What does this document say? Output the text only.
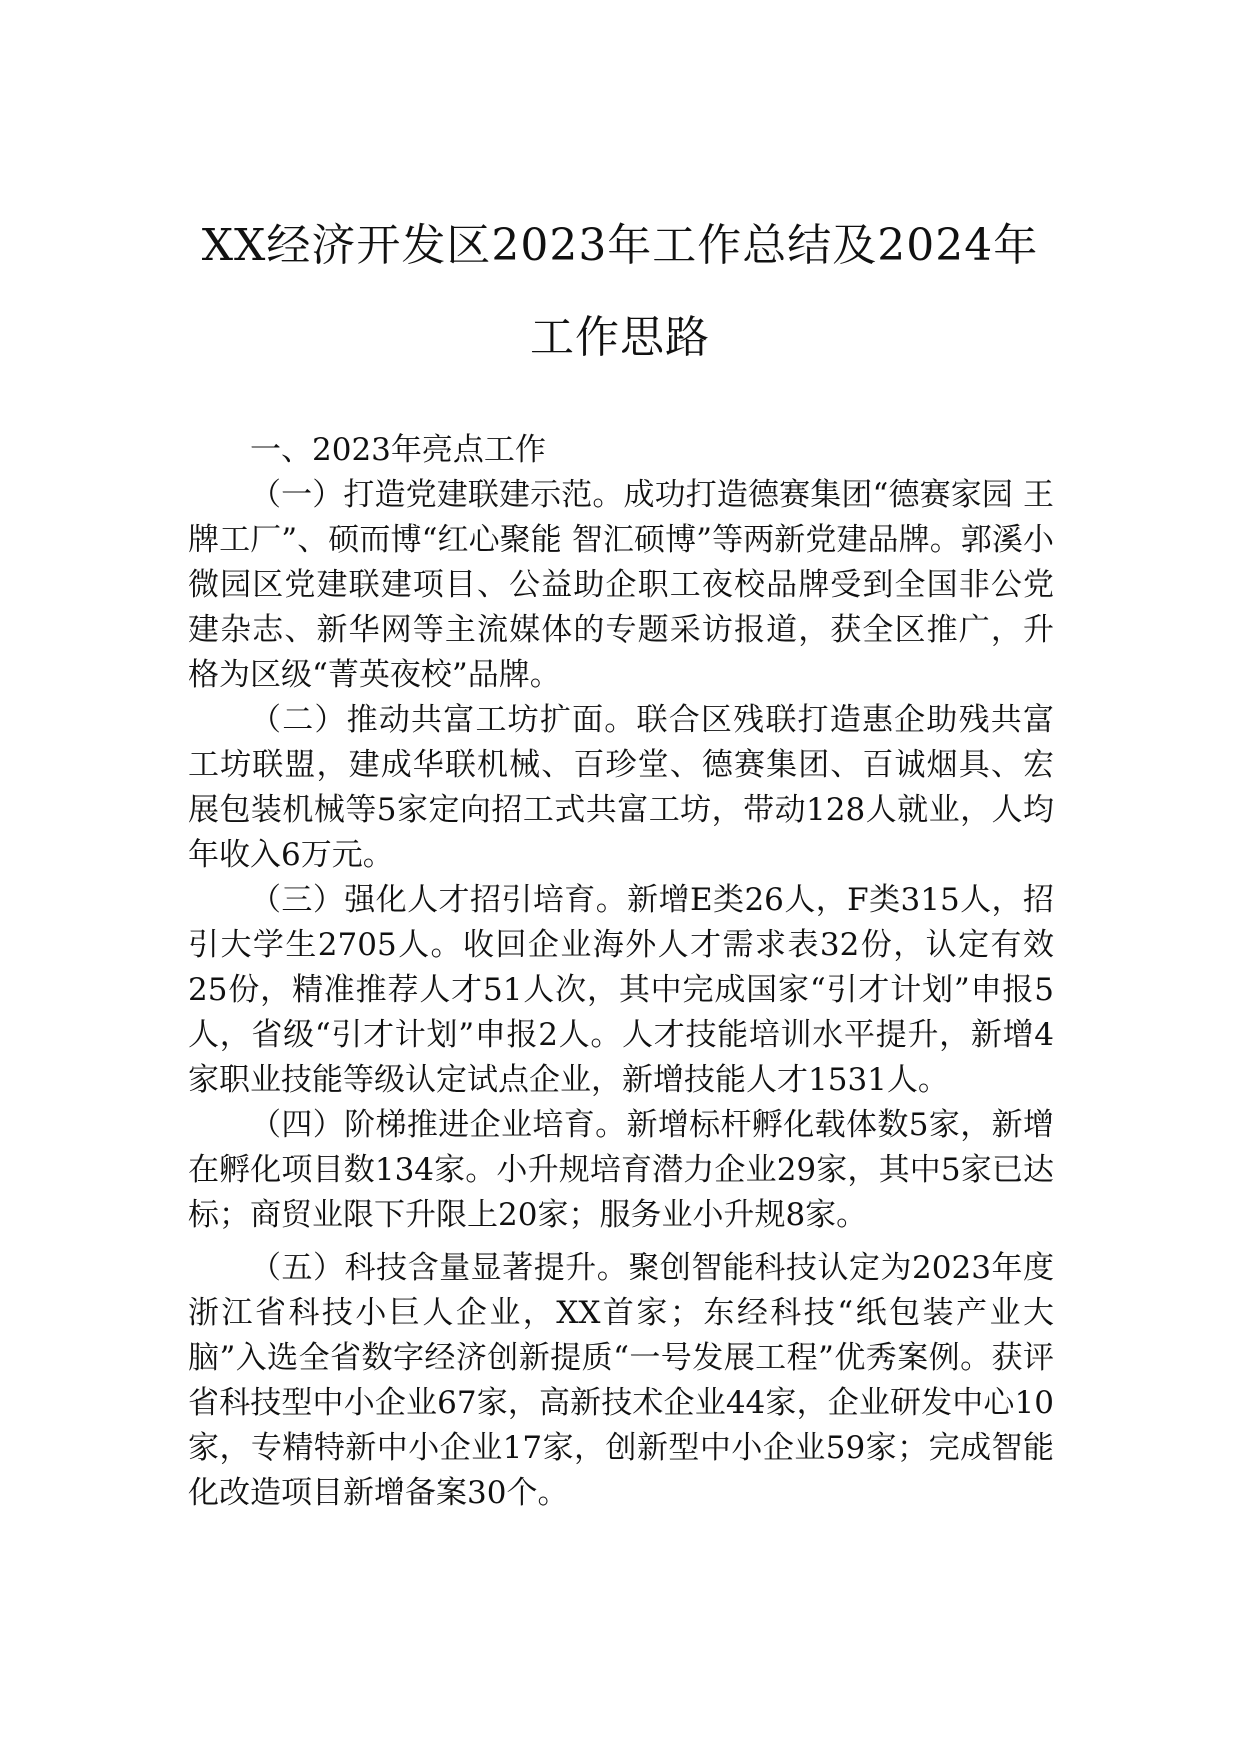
XX经济开发区2023年工作总结及2024年
工作思路

一、2023年亮点工作

（一）打造党建联建示范。成功打造德赛集团“德赛家园 王牌工厂”、硕而博“红心聚能 智汇硕博”等两新党建品牌。郭溪小微园区党建联建项目、公益助企职工夜校品牌受到全国非公党建杂志、新华网等主流媒体的专题采访报道，获全区推广，升格为区级“菁英夜校”品牌。

（二）推动共富工坊扩面。联合区残联打造惠企助残共富工坊联盟，建成华联机械、百珍堂、德赛集团、百诚烟具、宏展包装机械等5家定向招工式共富工坊，带动128人就业，人均年收入6万元。

（三）强化人才招引培育。新增E类26人，F类315人，招引大学生2705人。收回企业海外人才需求表32份，认定有效25份，精准推荐人才51人次，其中完成国家“引才计划”申报5人，省级“引才计划”申报2人。人才技能培训水平提升，新增4家职业技能等级认定试点企业，新增技能人才1531人。

（四）阶梯推进企业培育。新增标杆孵化载体数5家，新增在孵化项目数134家。小升规培育潜力企业29家，其中5家已达标；商贸业限下升限上20家；服务业小升规8家。

（五）科技含量显著提升。聚创智能科技认定为2023年度浙江省科技小巨人企业，XX首家；东经科技“纸包装产业大脑”入选全省数字经济创新提质“一号发展工程”优秀案例。获评省科技型中小企业67家，高新技术企业44家，企业研发中心10家，专精特新中小企业17家，创新型中小企业59家；完成智能化改造项目新增备案30个。
